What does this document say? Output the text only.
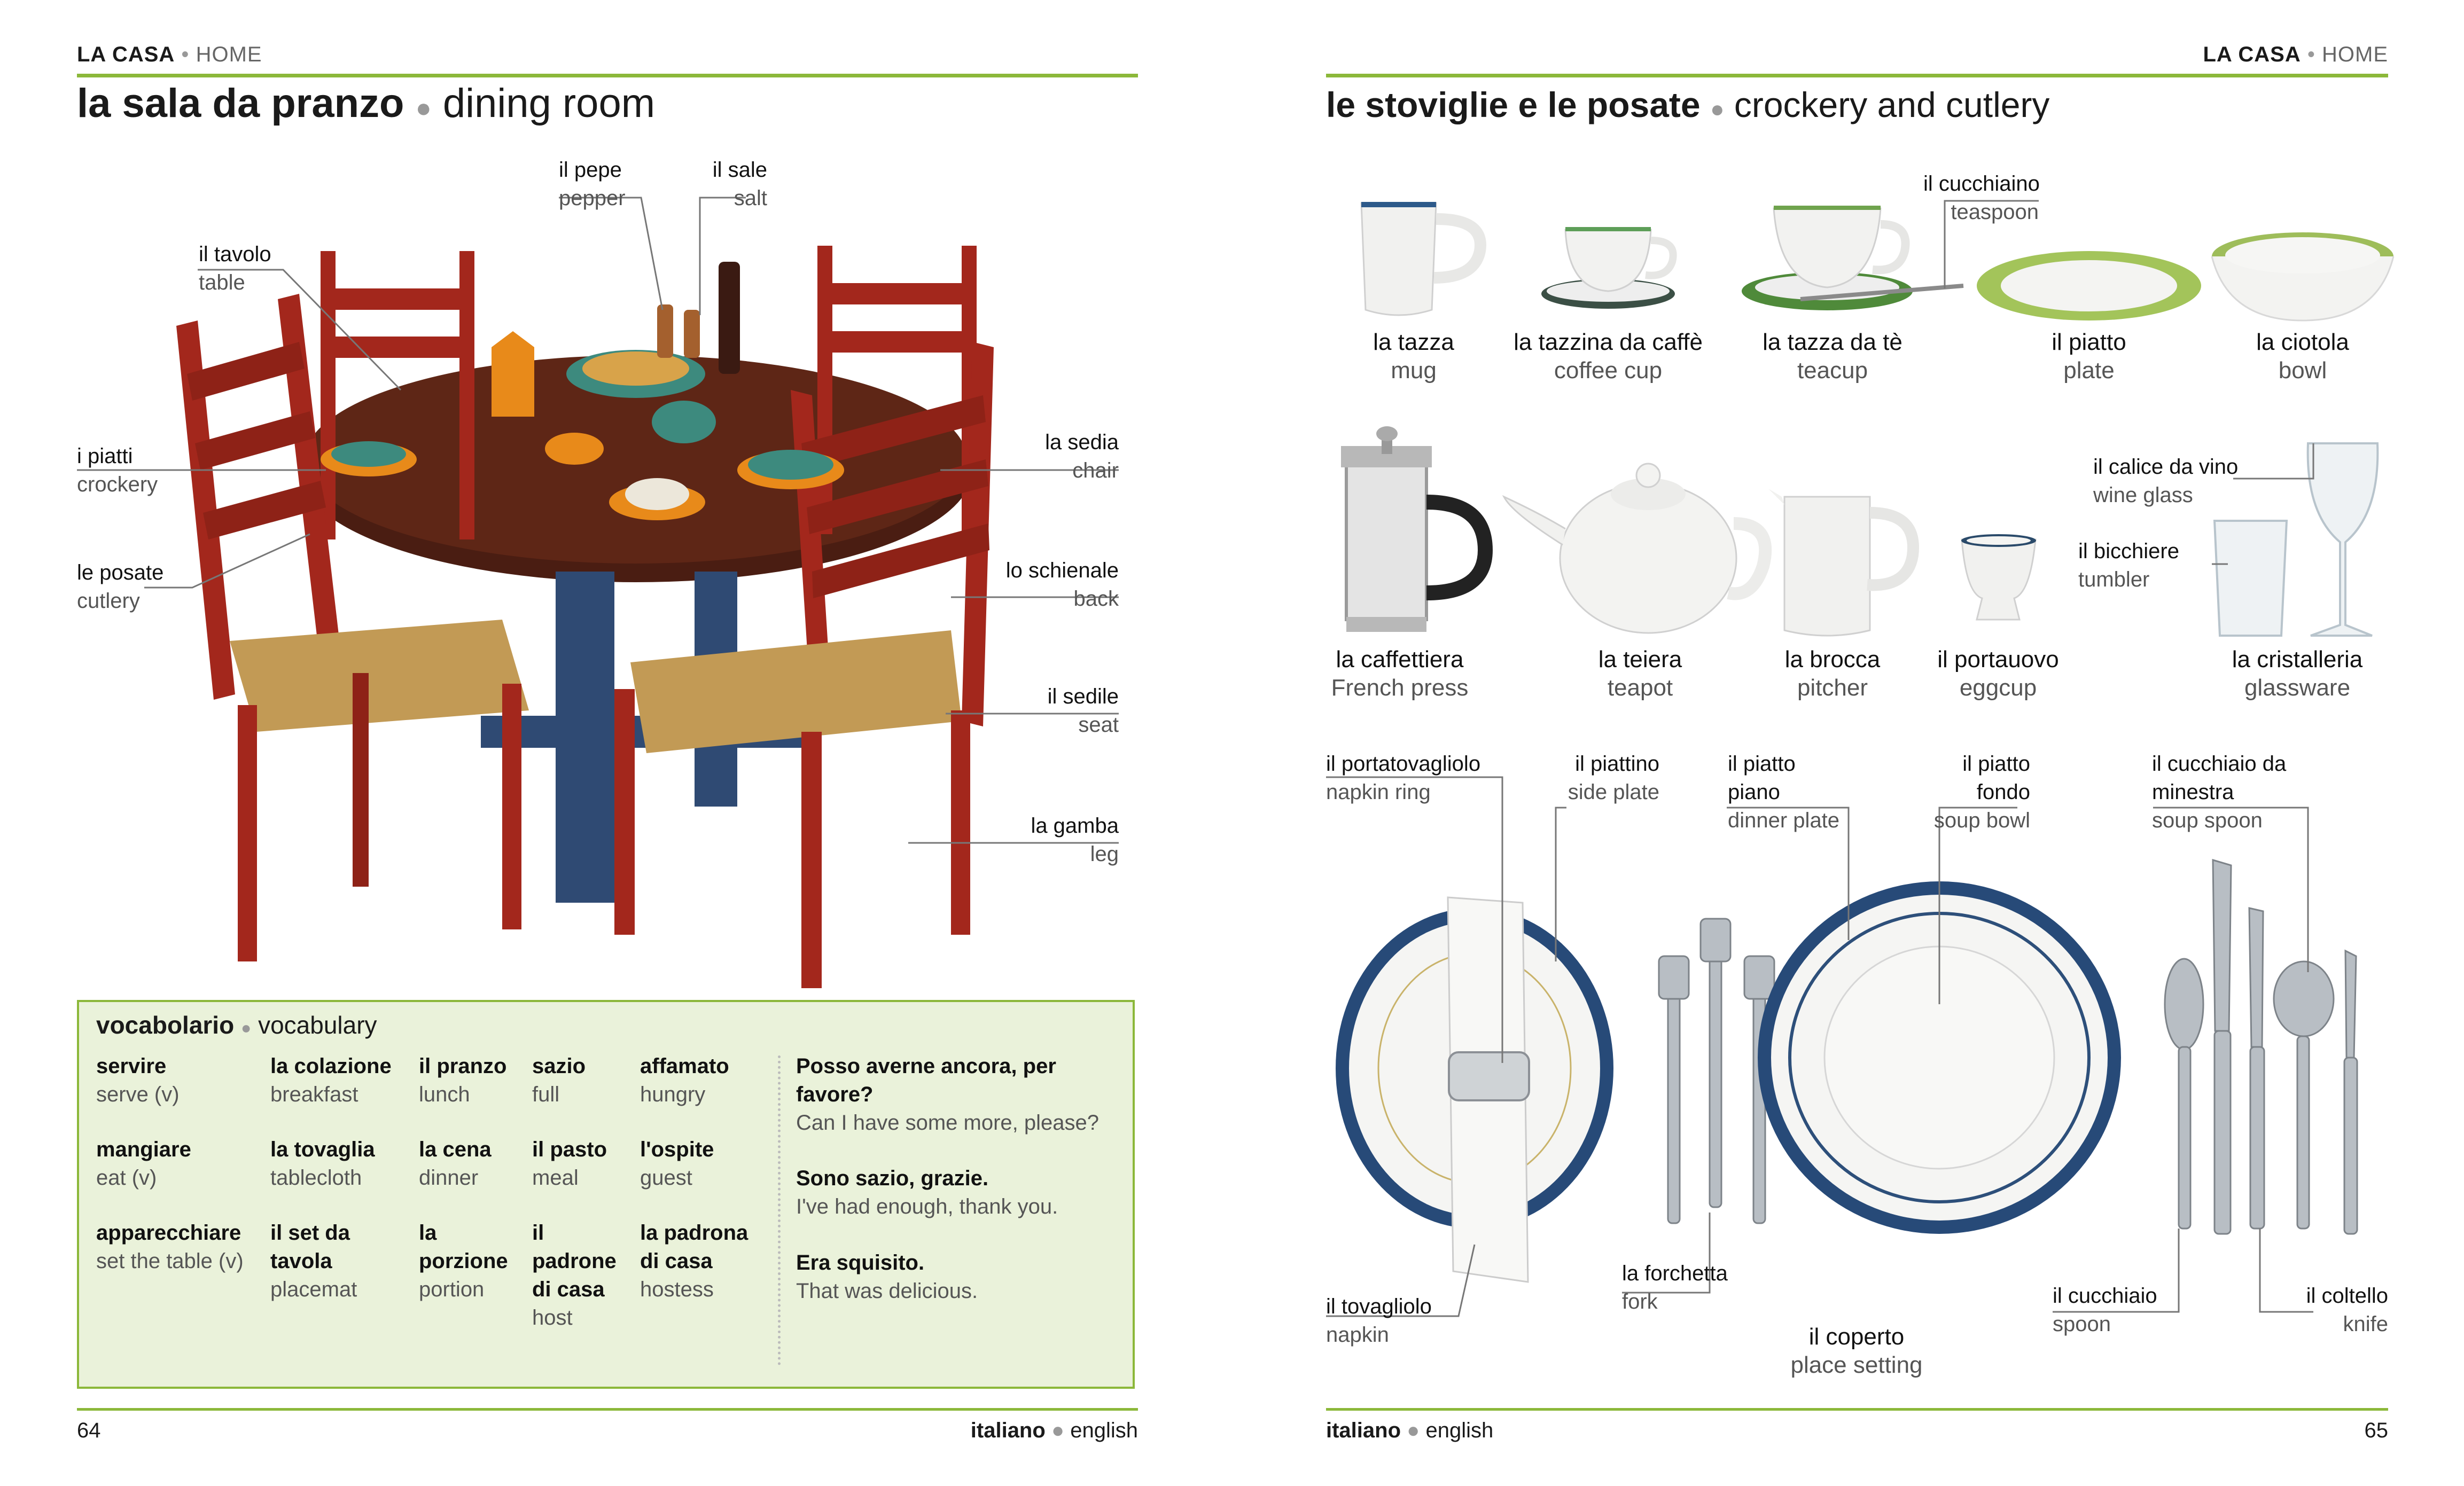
LA CASA • HOME
la sala da pranzo ● dining room
il pepe
pepper
il sale
salt
il tavolo
table
i piatti
crockery
le posate
cutlery
la sedia
chair
lo schienale
back
il sedile
seat
la gamba
leg
vocabolario ● vocabulary
servire
serve (v)
mangiare
eat (v)
apparecchiare
set the table (v)
la colazione
breakfast
la tovaglia
tablecloth
il set da tavola
placemat
il pranzo
lunch
la cena
dinner
la porzione
portion
sazio
full
il pasto
meal
il padrone di casa
host
affamato
hungry
l'ospite
guest
la padrona di casa
hostess
Posso averne ancora, per favore?
Can I have some more, please?
Sono sazio, grazie.
I've had enough, thank you.
Era squisito.
That was delicious.
64	italiano ● english
LA CASA • HOME
le stoviglie e le posate ● crockery and cutlery
la tazza
mug
la tazzina da caffè
coffee cup
la tazza da tè
teacup
il piatto
plate
la ciotola
bowl
il cucchiaino
teaspoon
la caffettiera
French press
la teiera
teapot
la brocca
pitcher
il portauovo
eggcup
la cristalleria
glassware
il calice da vino
wine glass
il bicchiere
tumbler
il portatovagliolo
napkin ring
il piattino
side plate
il piatto piano
dinner plate
il piatto fondo
soup bowl
il cucchiaio da minestra
soup spoon
il tovagliolo
napkin
la forchetta
fork
il coperto
place setting
il cucchiaio
spoon
il coltello
knife
italiano ● english	65
